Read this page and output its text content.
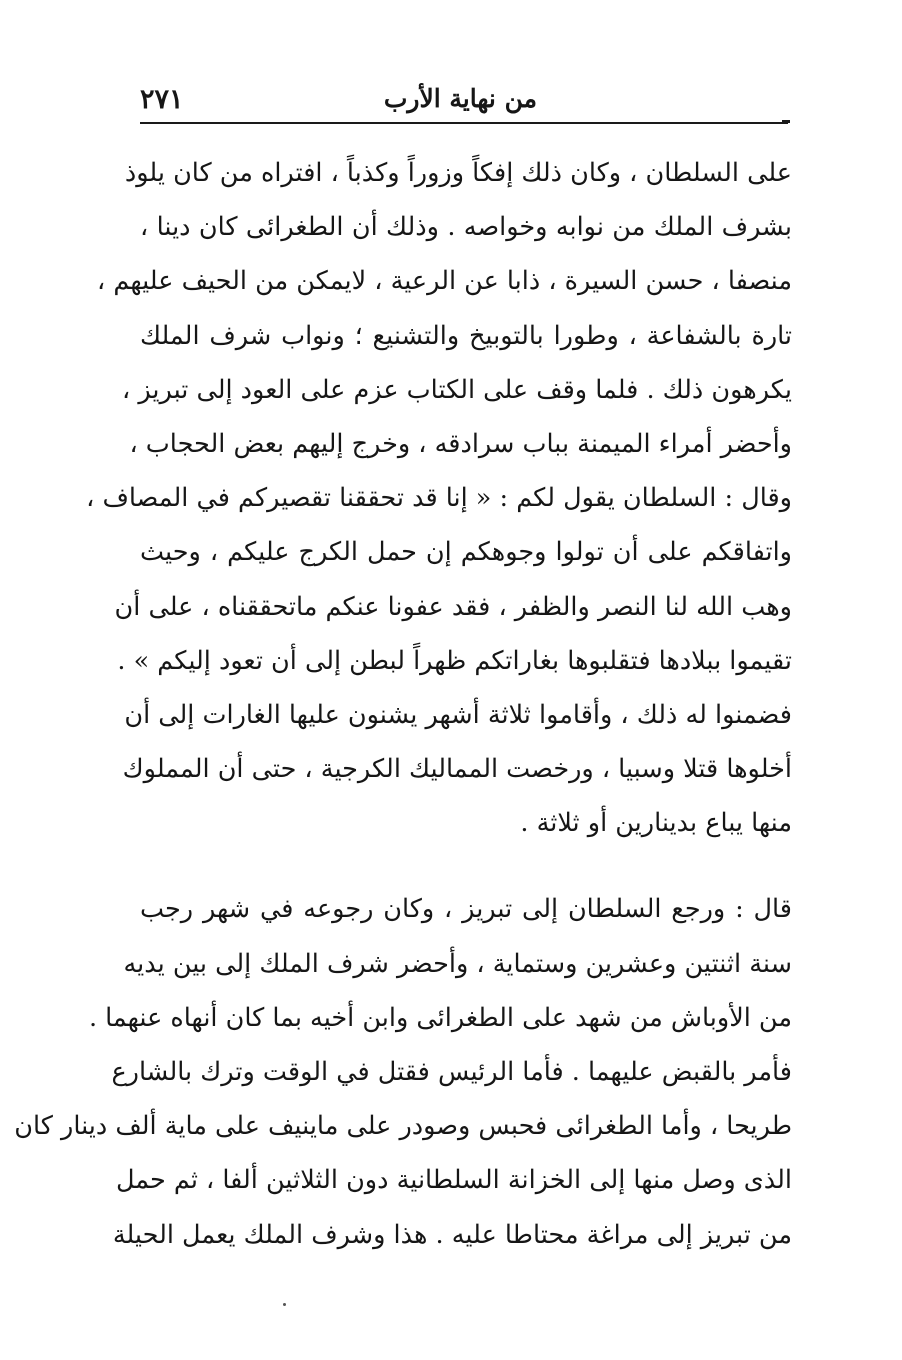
من نهاية الأرب
٢٧١
على السلطان ، وكان ذلك إفكاً وزوراً وكذباً ، افتراه من كان يلوذ
بشرف الملك من نوابه وخواصه . وذلك أن الطغرائى كان دينا ،
منصفا ، حسن السيرة ، ذابا عن الرعية ، لايمكن من الحيف عليهم ،
تارة بالشفاعة ، وطورا بالتوبيخ والتشنيع ؛ ونواب شرف الملك
يكرهون ذلك . فلما وقف على الكتاب عزم على العود إلى تبريز ،
وأحضر أمراء الميمنة بباب سرادقه ، وخرج إليهم بعض الحجاب ،
وقال : السلطان يقول لكم : « إنا قد تحققنا تقصيركم في المصاف ،
واتفاقكم على أن تولوا وجوهكم إن حمل الكرج عليكم ، وحيث
وهب الله لنا النصر والظفر ، فقد عفونا عنكم ماتحققناه ، على أن
تقيموا ببلادها فتقلبوها بغاراتكم ظهراً لبطن إلى أن تعود إليكم » .
فضمنوا له ذلك ، وأقاموا ثلاثة أشهر يشنون عليها الغارات إلى أن
أخلوها قتلا وسبيا ، ورخصت المماليك الكرجية ، حتى أن المملوك
منها يباع بدينارين أو ثلاثة .
قال : ورجع السلطان إلى تبريز ، وكان رجوعه في شهر رجب
سنة اثنتين وعشرين وستماية ، وأحضر شرف الملك إلى بين يديه
من الأوباش من شهد على الطغرائى وابن أخيه بما كان أنهاه عنهما .
فأمر بالقبض عليهما . فأما الرئيس فقتل في الوقت وترك بالشارع
طريحا ، وأما الطغرائى فحبس وصودر على ماينيف على ماية ألف دينار كان
الذى وصل منها إلى الخزانة السلطانية دون الثلاثين ألفا ، ثم حمل
من تبريز إلى مراغة محتاطا عليه . هذا وشرف الملك يعمل الحيلة
